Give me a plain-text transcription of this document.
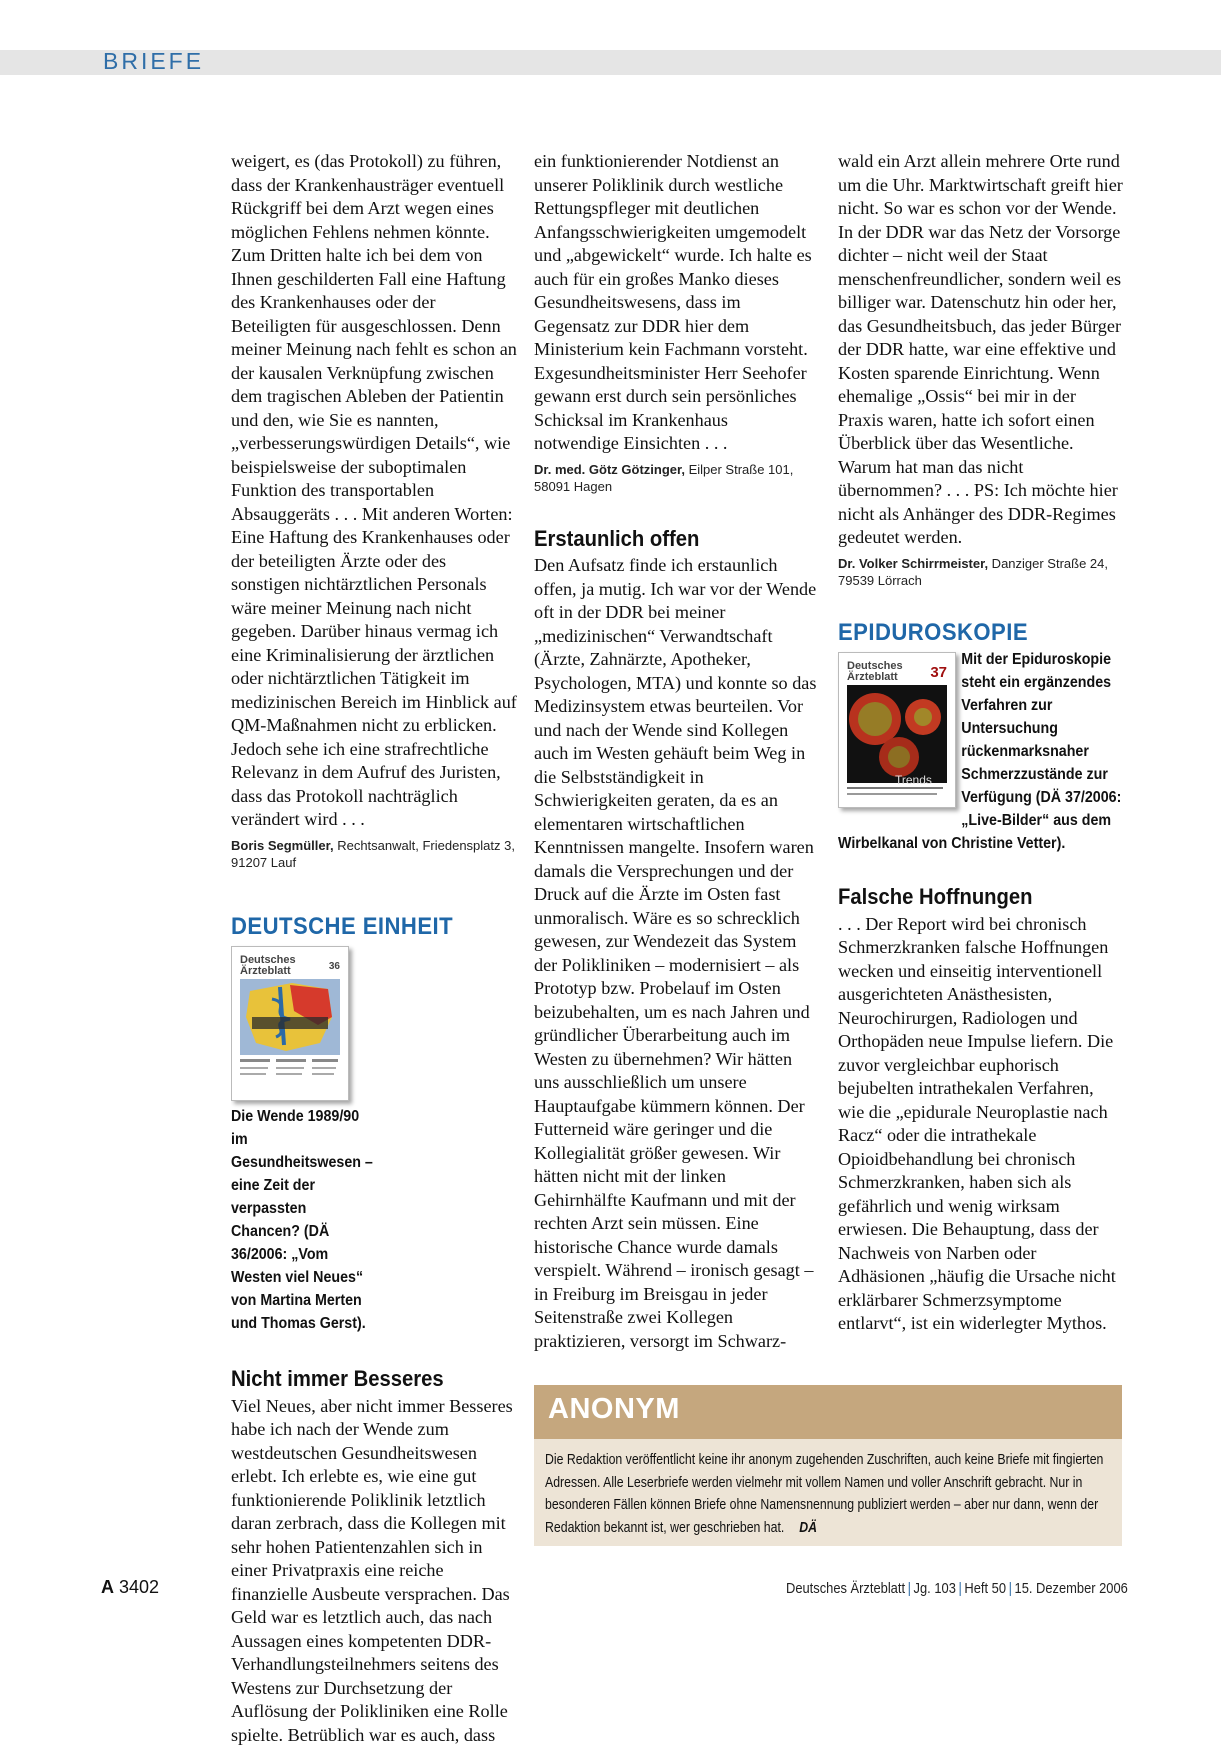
BRIEFE

weigert, es (das Protokoll) zu führen, dass der Krankenhausträger eventuell Rückgriff bei dem Arzt wegen eines möglichen Fehlens nehmen könnte. Zum Dritten halte ich bei dem von Ihnen geschilderten Fall eine Haftung des Krankenhauses oder der Beteiligten für ausgeschlossen. Denn meiner Meinung nach fehlt es schon an der kausalen Verknüpfung zwischen dem tragischen Ableben der Patientin und den, wie Sie es nannten, „verbesserungswürdigen Details“, wie beispielsweise der suboptimalen Funktion des transportablen Absauggeräts . . . Mit anderen Worten: Eine Haftung des Krankenhauses oder der beteiligten Ärzte oder des sonstigen nichtärztlichen Personals wäre meiner Meinung nach nicht gegeben. Darüber hinaus vermag ich eine Kriminalisierung der ärztlichen oder nichtärztlichen Tätigkeit im medizinischen Bereich im Hinblick auf QM-Maßnahmen nicht zu erblicken. Jedoch sehe ich eine strafrechtliche Relevanz in dem Aufruf des Juristen, dass das Protokoll nachträglich verändert wird . . .

Boris Segmüller, Rechtsanwalt, Friedensplatz 3, 91207 Lauf

DEUTSCHE EINHEIT
Deutsches Ärzteblatt	36
Die Wende 1989/90 im Gesundheitswesen – eine Zeit der verpassten Chancen? (DÄ 36/2006: „Vom Westen viel Neues“ von Martina Merten und Thomas Gerst).
Nicht immer Besseres

Viel Neues, aber nicht immer Besseres habe ich nach der Wende zum westdeutschen Gesundheitswesen erlebt. Ich erlebte es, wie eine gut funktionierende Poliklinik letztlich daran zerbrach, dass die Kollegen mit sehr hohen Patientenzahlen sich in einer Privatpraxis eine reiche finanzielle Ausbeute versprachen. Das Geld war es letztlich auch, das nach Aussagen eines kompetenten DDR-Verhandlungsteilnehmers seitens des Westens zur Durchsetzung der Auflösung der Polikliniken eine Rolle spielte. Betrüblich war es auch, dass

ein funktionierender Notdienst an unserer Poliklinik durch westliche Rettungspfleger mit deutlichen Anfangsschwierigkeiten umgemodelt und „abgewickelt“ wurde. Ich halte es auch für ein großes Manko dieses Gesundheitswesens, dass im Gegensatz zur DDR hier dem Ministerium kein Fachmann vorsteht. Exgesundheitsminister Herr Seehofer gewann erst durch sein persönliches Schicksal im Krankenhaus notwendige Einsichten . . .

Dr. med. Götz Götzinger, Eilper Straße 101, 58091 Hagen

Erstaunlich offen

Den Aufsatz finde ich erstaunlich offen, ja mutig. Ich war vor der Wende oft in der DDR bei meiner „medizinischen“ Verwandtschaft (Ärzte, Zahnärzte, Apotheker, Psychologen, MTA) und konnte so das Medizinsystem etwas beurteilen. Vor und nach der Wende sind Kollegen auch im Westen gehäuft beim Weg in die Selbstständigkeit in Schwierigkeiten geraten, da es an elementaren wirtschaftlichen Kenntnissen mangelte. Insofern waren damals die Versprechungen und der Druck auf die Ärzte im Osten fast unmoralisch. Wäre es so schrecklich gewesen, zur Wendezeit das System der Polikliniken – modernisiert – als Prototyp bzw. Probelauf im Osten beizubehalten, um es nach Jahren und gründlicher Überarbeitung auch im Westen zu übernehmen? Wir hätten uns ausschließlich um unsere Hauptaufgabe kümmern können. Der Futterneid wäre geringer und die Kollegialität größer gewesen. Wir hätten nicht mit der linken Gehirnhälfte Kaufmann und mit der rechten Arzt sein müssen. Eine historische Chance wurde damals verspielt. Während – ironisch gesagt – in Freiburg im Breisgau in jeder Seitenstraße zwei Kollegen praktizieren, versorgt im Schwarz-

wald ein Arzt allein mehrere Orte rund um die Uhr. Marktwirtschaft greift hier nicht. So war es schon vor der Wende. In der DDR war das Netz der Vorsorge dichter – nicht weil der Staat menschenfreundlicher, sondern weil es billiger war. Datenschutz hin oder her, das Gesundheitsbuch, das jeder Bürger der DDR hatte, war eine effektive und Kosten sparende Einrichtung. Wenn ehemalige „Ossis“ bei mir in der Praxis waren, hatte ich sofort einen Überblick über das Wesentliche. Warum hat man das nicht übernommen? . . . PS: Ich möchte hier nicht als Anhänger des DDR-Regimes gedeutet werden.

Dr. Volker Schirrmeister, Danziger Straße 24, 79539 Lörrach

EPIDUROSKOPIE
Deutsches Ärzteblatt	37
Trends
Mit der Epiduroskopie steht ein ergänzendes Verfahren zur Untersuchung rückenmarksnaher Schmerzzustände zur Verfügung (DÄ 37/2006: „Live-Bilder“ aus dem Wirbelkanal von Christine Vetter).
Falsche Hoffnungen

. . . Der Report wird bei chronisch Schmerzkranken falsche Hoffnungen wecken und einseitig interventionell ausgerichteten Anästhesisten, Neurochirurgen, Radiologen und Orthopäden neue Impulse liefern. Die zuvor vergleichbar euphorisch bejubelten intrathekalen Verfahren, wie die „epidurale Neuroplastie nach Racz“ oder die intrathekale Opioidbehandlung bei chronisch Schmerzkranken, haben sich als gefährlich und wenig wirksam erwiesen. Die Behauptung, dass der Nachweis von Narben oder Adhäsionen „häufig die Ursache nicht erklärbarer Schmerzsymptome entlarvt“, ist ein widerlegter Mythos.

ANONYM

Die Redaktion veröffentlicht keine ihr anonym zugehenden Zuschriften, auch keine Briefe mit fingierten Adressen. Alle Leserbriefe werden vielmehr mit vollem Namen und voller Anschrift gebracht. Nur in besonderen Fällen können Briefe ohne Namensnennung publiziert werden – aber nur dann, wenn der Redaktion bekannt ist, wer geschrieben hat. DÄ

A 3402	Deutsches Ärzteblatt | Jg. 103 | Heft 50 | 15. Dezember 2006
